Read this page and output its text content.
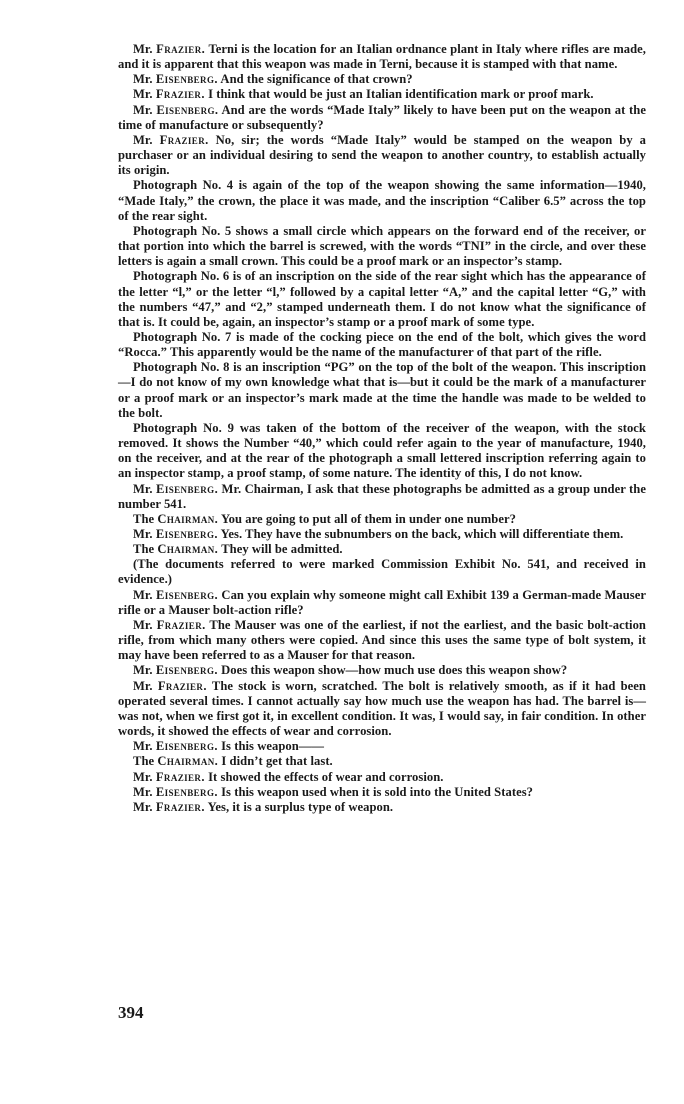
Mr. Frazier. Terni is the location for an Italian ordnance plant in Italy where rifles are made, and it is apparent that this weapon was made in Terni, because it is stamped with that name.

Mr. Eisenberg. And the significance of that crown?

Mr. Frazier. I think that would be just an Italian identification mark or proof mark.

Mr. Eisenberg. And are the words “Made Italy” likely to have been put on the weapon at the time of manufacture or subsequently?

Mr. Frazier. No, sir; the words “Made Italy” would be stamped on the weapon by a purchaser or an individual desiring to send the weapon to another country, to establish actually its origin.

Photograph No. 4 is again of the top of the weapon showing the same information—1940, “Made Italy,” the crown, the place it was made, and the inscription “Caliber 6.5” across the top of the rear sight.

Photograph No. 5 shows a small circle which appears on the forward end of the receiver, or that portion into which the barrel is screwed, with the words “TNI” in the circle, and over these letters is again a small crown. This could be a proof mark or an inspector’s stamp.

Photograph No. 6 is of an inscription on the side of the rear sight which has the appearance of the letter “l,” or the letter “l,” followed by a capital letter “A,” and the capital letter “G,” with the numbers “47,” and “2,” stamped underneath them. I do not know what the significance of that is. It could be, again, an inspector’s stamp or a proof mark of some type.

Photograph No. 7 is made of the cocking piece on the end of the bolt, which gives the word “Rocca.” This apparently would be the name of the manufacturer of that part of the rifle.

Photograph No. 8 is an inscription “PG” on the top of the bolt of the weapon. This inscription—I do not know of my own knowledge what that is—but it could be the mark of a manufacturer or a proof mark or an inspector’s mark made at the time the handle was made to be welded to the bolt.

Photograph No. 9 was taken of the bottom of the receiver of the weapon, with the stock removed. It shows the Number “40,” which could refer again to the year of manufacture, 1940, on the receiver, and at the rear of the photograph a small lettered inscription referring again to an inspector stamp, a proof stamp, of some nature. The identity of this, I do not know.

Mr. Eisenberg. Mr. Chairman, I ask that these photographs be admitted as a group under the number 541.

The Chairman. You are going to put all of them in under one number?

Mr. Eisenberg. Yes. They have the subnumbers on the back, which will differentiate them.

The Chairman. They will be admitted.

(The documents referred to were marked Commission Exhibit No. 541, and received in evidence.)

Mr. Eisenberg. Can you explain why someone might call Exhibit 139 a German-made Mauser rifle or a Mauser bolt-action rifle?

Mr. Frazier. The Mauser was one of the earliest, if not the earliest, and the basic bolt-action rifle, from which many others were copied. And since this uses the same type of bolt system, it may have been referred to as a Mauser for that reason.

Mr. Eisenberg. Does this weapon show—how much use does this weapon show?

Mr. Frazier. The stock is worn, scratched. The bolt is relatively smooth, as if it had been operated several times. I cannot actually say how much use the weapon has had. The barrel is—was not, when we first got it, in excellent condition. It was, I would say, in fair condition. In other words, it showed the effects of wear and corrosion.

Mr. Eisenberg. Is this weapon——

The Chairman. I didn’t get that last.

Mr. Frazier. It showed the effects of wear and corrosion.

Mr. Eisenberg. Is this weapon used when it is sold into the United States?

Mr. Frazier. Yes, it is a surplus type of weapon.

394
